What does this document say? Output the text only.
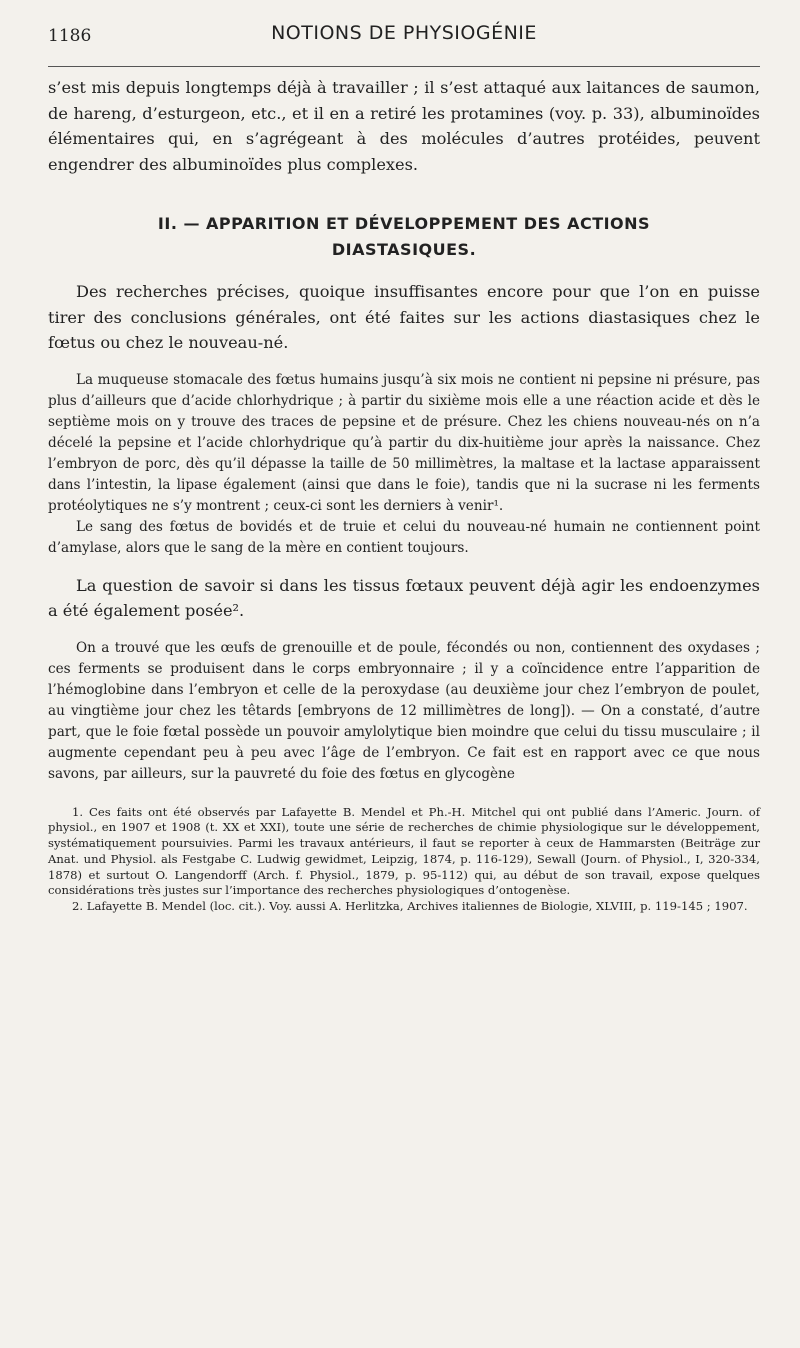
1186	NOTIONS DE PHYSIOGÉNIE

s’est mis depuis longtemps déjà à travailler ; il s’est attaqué aux laitances de saumon, de hareng, d’esturgeon, etc., et il en a retiré les protamines (voy. p. 33), albuminoïdes élémentaires qui, en s’agrégeant à des molécules d’autres protéides, peuvent engendrer des albuminoïdes plus complexes.

II. — APPARITION ET DÉVELOPPEMENT DES ACTIONS
DIASTASIQUES.

Des recherches précises, quoique insuffisantes encore pour que l’on en puisse tirer des conclusions générales, ont été faites sur les actions diastasiques chez le fœtus ou chez le nouveau-né.

La muqueuse stomacale des fœtus humains jusqu’à six mois ne contient ni pepsine ni présure, pas plus d’ailleurs que d’acide chlorhydrique ; à partir du sixième mois elle a une réaction acide et dès le septième mois on y trouve des traces de pepsine et de présure. Chez les chiens nouveau-nés on n’a décelé la pepsine et l’acide chlorhydrique qu’à partir du dix-huitième jour après la naissance. Chez l’embryon de porc, dès qu’il dépasse la taille de 50 millimètres, la maltase et la lactase apparaissent dans l’intestin, la lipase également (ainsi que dans le foie), tandis que ni la sucrase ni les ferments protéolytiques ne s’y montrent ; ceux-ci sont les derniers à venir¹.

Le sang des fœtus de bovidés et de truie et celui du nouveau-né humain ne contiennent point d’amylase, alors que le sang de la mère en contient toujours.

La question de savoir si dans les tissus fœtaux peuvent déjà agir les endoenzymes a été également posée².

On a trouvé que les œufs de grenouille et de poule, fécondés ou non, contiennent des oxydases ; ces ferments se produisent dans le corps embryonnaire ; il y a coïncidence entre l’apparition de l’hémoglobine dans l’embryon et celle de la peroxydase (au deuxième jour chez l’embryon de poulet, au vingtième jour chez les têtards [embryons de 12 millimètres de long]). — On a constaté, d’autre part, que le foie fœtal possède un pouvoir amylolytique bien moindre que celui du tissu musculaire ; il augmente cependant peu à peu avec l’âge de l’embryon. Ce fait est en rapport avec ce que nous savons, par ailleurs, sur la pauvreté du foie des fœtus en glycogène

1. Ces faits ont été observés par Lafayette B. Mendel et Ph.-H. Mitchel qui ont publié dans l’Americ. Journ. of physiol., en 1907 et 1908 (t. XX et XXI), toute une série de recherches de chimie physiologique sur le développement, systématiquement poursuivies. Parmi les travaux antérieurs, il faut se reporter à ceux de Hammarsten (Beiträge zur Anat. und Physiol. als Festgabe C. Ludwig gewidmet, Leipzig, 1874, p. 116-129), Sewall (Journ. of Physiol., I, 320-334, 1878) et surtout O. Langendorff (Arch. f. Physiol., 1879, p. 95-112) qui, au début de son travail, expose quelques considérations très justes sur l’importance des recherches physiologiques d’ontogenèse.

2. Lafayette B. Mendel (loc. cit.). Voy. aussi A. Herlitzka, Archives italiennes de Biologie, XLVIII, p. 119-145 ; 1907.
